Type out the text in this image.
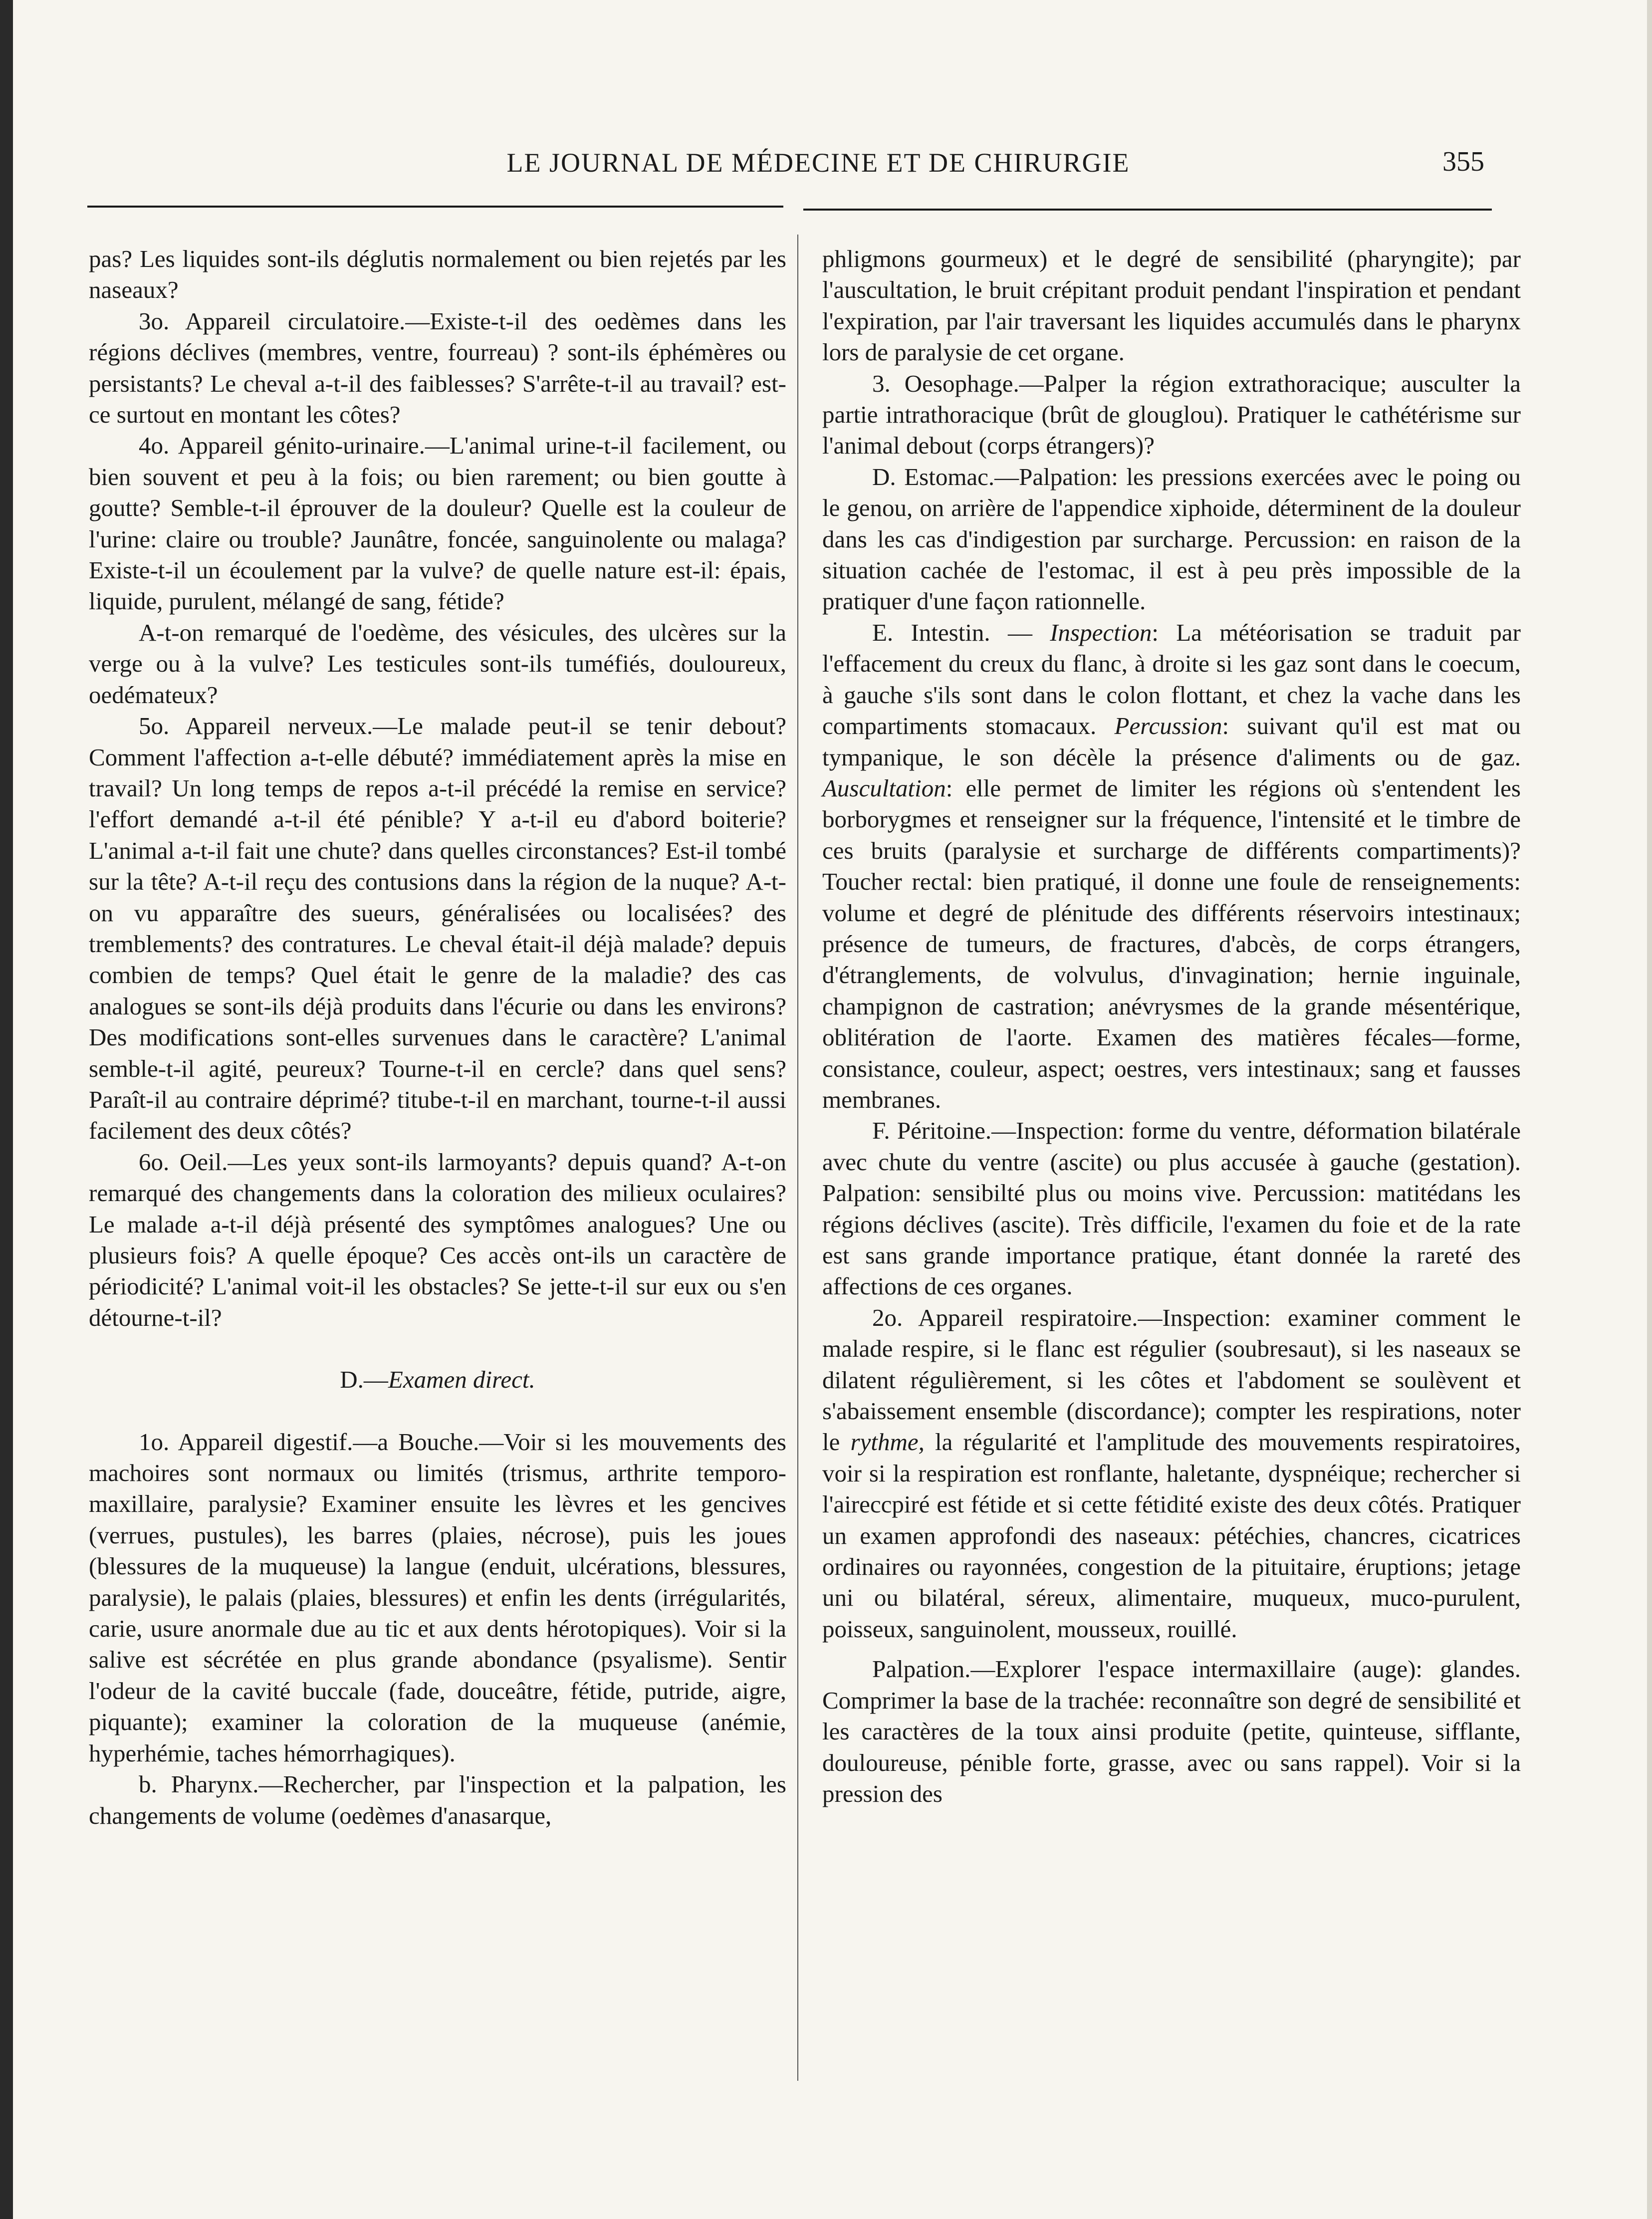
LE JOURNAL DE MÉDECINE ET DE CHIRURGIE	355

pas? Les liquides sont-ils déglutis normalement ou bien rejetés par les naseaux?

3o. Appareil circulatoire.—Existe-t-il des oedèmes dans les régions déclives (membres, ventre, fourreau) ? sont-ils éphémères ou persistants? Le cheval a-t-il des faiblesses? S'arrête-t-il au travail? est-ce surtout en montant les côtes?

4o. Appareil génito-urinaire.—L'animal urine-t-il facilement, ou bien souvent et peu à la fois; ou bien rarement; ou bien goutte à goutte? Semble-t-il éprouver de la douleur? Quelle est la couleur de l'urine: claire ou trouble? Jaunâtre, foncée, sanguinolente ou malaga? Existe-t-il un écoulement par la vulve? de quelle nature est-il: épais, liquide, purulent, mélangé de sang, fétide?

A-t-on remarqué de l'oedème, des vésicules, des ulcères sur la verge ou à la vulve? Les testicules sont-ils tuméfiés, douloureux, oedémateux?

5o. Appareil nerveux.—Le malade peut-il se tenir debout? Comment l'affection a-t-elle débuté? immédiatement après la mise en travail? Un long temps de repos a-t-il précédé la remise en service? l'effort demandé a-t-il été pénible? Y a-t-il eu d'abord boiterie? L'animal a-t-il fait une chute? dans quelles circonstances? Est-il tombé sur la tête? A-t-il reçu des contusions dans la région de la nuque? A-t-on vu apparaître des sueurs, généralisées ou localisées? des tremblements? des contratures. Le cheval était-il déjà malade? depuis combien de temps? Quel était le genre de la maladie? des cas analogues se sont-ils déjà produits dans l'écurie ou dans les environs? Des modifications sont-elles survenues dans le caractère? L'animal semble-t-il agité, peureux? Tourne-t-il en cercle? dans quel sens? Paraît-il au contraire déprimé? titube-t-il en marchant, tourne-t-il aussi facilement des deux côtés?

6o. Oeil.—Les yeux sont-ils larmoyants? depuis quand? A-t-on remarqué des changements dans la coloration des milieux oculaires? Le malade a-t-il déjà présenté des symptômes analogues? Une ou plusieurs fois? A quelle époque? Ces accès ont-ils un caractère de périodicité? L'animal voit-il les obstacles? Se jette-t-il sur eux ou s'en détourne-t-il?

D.—Examen direct.

1o. Appareil digestif.—a Bouche.—Voir si les mouvements des machoires sont normaux ou limités (trismus, arthrite temporo-maxillaire, paralysie? Examiner ensuite les lèvres et les gencives (verrues, pustules), les barres (plaies, nécrose), puis les joues (blessures de la muqueuse) la langue (enduit, ulcérations, blessures, paralysie), le palais (plaies, blessures) et enfin les dents (irrégularités, carie, usure anormale due au tic et aux dents hérotopiques). Voir si la salive est sécrétée en plus grande abondance (psyalisme). Sentir l'odeur de la cavité buccale (fade, douceâtre, fétide, putride, aigre, piquante); examiner la coloration de la muqueuse (anémie, hyperhémie, taches hémorrhagiques).

b. Pharynx.—Rechercher, par l'inspection et la palpation, les changements de volume (oedèmes d'anasarque,

phligmons gourmeux) et le degré de sensibilité (pharyngite); par l'auscultation, le bruit crépitant produit pendant l'inspiration et pendant l'expiration, par l'air traversant les liquides accumulés dans le pharynx lors de paralysie de cet organe.

3. Oesophage.—Palper la région extrathoracique; ausculter la partie intrathoracique (brût de glouglou). Pratiquer le cathétérisme sur l'animal debout (corps étrangers)?

D. Estomac.—Palpation: les pressions exercées avec le poing ou le genou, on arrière de l'appendice xiphoide, déterminent de la douleur dans les cas d'indigestion par surcharge. Percussion: en raison de la situation cachée de l'estomac, il est à peu près impossible de la pratiquer d'une façon rationnelle.

E. Intestin. — Inspection: La météorisation se traduit par l'effacement du creux du flanc, à droite si les gaz sont dans le coecum, à gauche s'ils sont dans le colon flottant, et chez la vache dans les compartiments stomacaux. Percussion: suivant qu'il est mat ou tympanique, le son décèle la présence d'aliments ou de gaz. Auscultation: elle permet de limiter les régions où s'entendent les borborygmes et renseigner sur la fréquence, l'intensité et le timbre de ces bruits (paralysie et surcharge de différents compartiments)? Toucher rectal: bien pratiqué, il donne une foule de renseignements: volume et degré de plénitude des différents réservoirs intestinaux; présence de tumeurs, de fractures, d'abcès, de corps étrangers, d'étranglements, de volvulus, d'invagination; hernie inguinale, champignon de castration; anévrysmes de la grande mésentérique, oblitération de l'aorte. Examen des matières fécales—forme, consistance, couleur, aspect; oestres, vers intestinaux; sang et fausses membranes.

F. Péritoine.—Inspection: forme du ventre, déformation bilatérale avec chute du ventre (ascite) ou plus accusée à gauche (gestation). Palpation: sensibilté plus ou moins vive. Percussion: matitédans les régions déclives (ascite). Très difficile, l'examen du foie et de la rate est sans grande importance pratique, étant donnée la rareté des affections de ces organes.

2o. Appareil respiratoire.—Inspection: examiner comment le malade respire, si le flanc est régulier (soubresaut), si les naseaux se dilatent régulièrement, si les côtes et l'abdoment se soulèvent et s'abaissement ensemble (discordance); compter les respirations, noter le rythme, la régularité et l'amplitude des mouvements respiratoires, voir si la respiration est ronflante, haletante, dyspnéique; rechercher si l'aireccpiré est fétide et si cette fétidité existe des deux côtés. Pratiquer un examen approfondi des naseaux: pétéchies, chancres, cicatrices ordinaires ou rayonnées, congestion de la pituitaire, éruptions; jetage uni ou bilatéral, séreux, alimentaire, muqueux, muco-purulent, poisseux, sanguinolent, mousseux, rouillé.

Palpation.—Explorer l'espace intermaxillaire (auge): glandes. Comprimer la base de la trachée: reconnaître son degré de sensibilité et les caractères de la toux ainsi produite (petite, quinteuse, sifflante, douloureuse, pénible forte, grasse, avec ou sans rappel). Voir si la pression des
